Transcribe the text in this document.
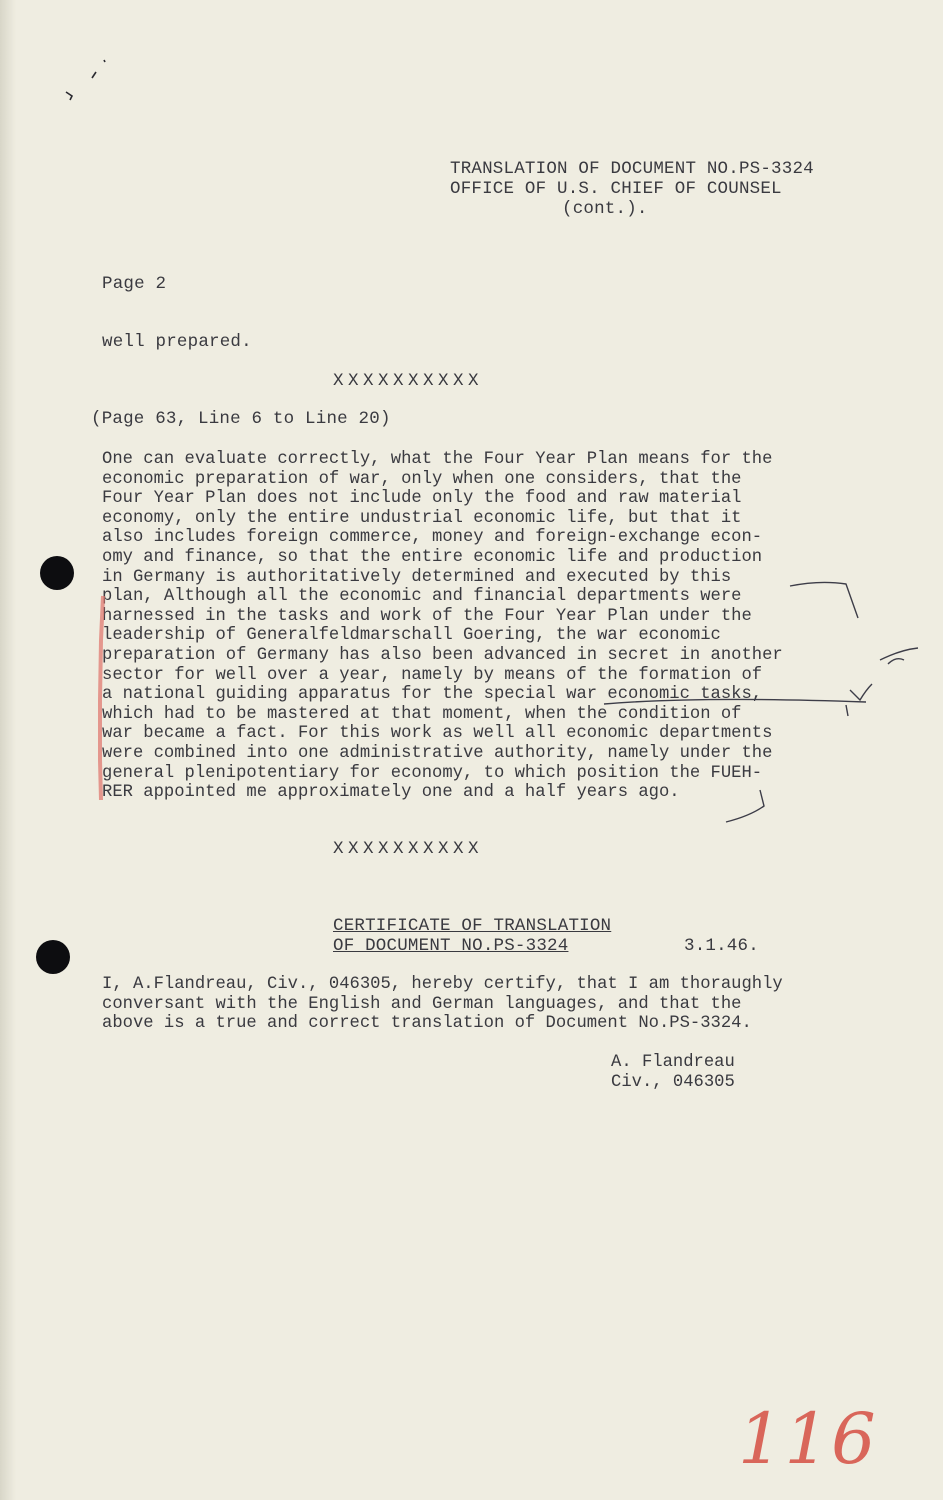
TRANSLATION OF DOCUMENT NO.PS-3324
OFFICE OF U.S. CHIEF OF COUNSEL
(cont.).
Page 2
well prepared.
XXXXXXXXXX
(Page 63, Line 6 to Line 20)
One can evaluate correctly, what the Four Year Plan means for the
economic preparation of war, only when one considers, that the
Four Year Plan does not include only the food and raw material
economy, only the entire undustrial economic life, but that it
also includes foreign commerce, money and foreign-exchange econ-
omy and finance, so that the entire economic life and production
in Germany is authoritatively determined and executed by this
plan, Although all the economic and financial departments were
harnessed in the tasks and work of the Four Year Plan under the
leadership of Generalfeldmarschall Goering, the war economic
preparation of Germany has also been advanced in secret in another
sector for well over a year, namely by means of the formation of
a national guiding apparatus for the special war economic tasks,
which had to be mastered at that moment, when the condition of
war became a fact. For this work as well all economic departments
were combined into one administrative authority, namely under the
general plenipotentiary for economy, to which position the FUEH-
RER appointed me approximately one and a half years ago.
XXXXXXXXXX
CERTIFICATE OF TRANSLATION
OF DOCUMENT NO.PS-3324	3.1.46.
I, A.Flandreau, Civ., 046305, hereby certify, that I am thoraughly
conversant with the English and German languages, and that the
above is a true and correct translation of Document No.PS-3324.
A. Flandreau
Civ., 046305
116
